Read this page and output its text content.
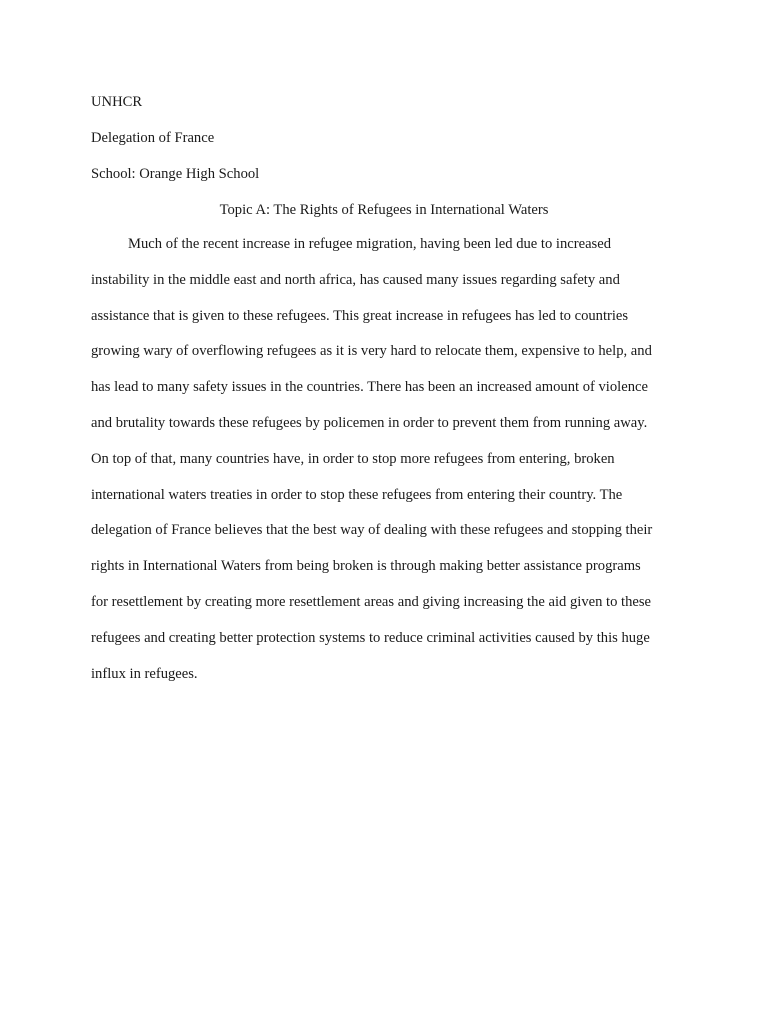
UNHCR
Delegation of France
School: Orange High School
Topic A: The Rights of Refugees in International Waters
Much of the recent increase in refugee migration, having been led due to increased
instability in the middle east and north africa, has caused many issues regarding safety and
assistance that is given to these refugees. This great increase in refugees has led to countries
growing wary of overflowing refugees as it is very hard to relocate them, expensive to help, and
has lead to many safety issues in the countries. There has been an increased amount of violence
and brutality towards these refugees by policemen in order to prevent them from running away.
On top of that, many countries have, in order to stop more refugees from entering, broken
international waters treaties in order to stop these refugees from entering their country. The
delegation of France believes that the best way of dealing with these refugees and stopping their
rights in International Waters from being broken is through making better assistance programs
for resettlement by creating more resettlement areas and giving increasing the aid given to these
refugees and creating better protection systems to reduce criminal activities caused by this huge
influx in refugees.
